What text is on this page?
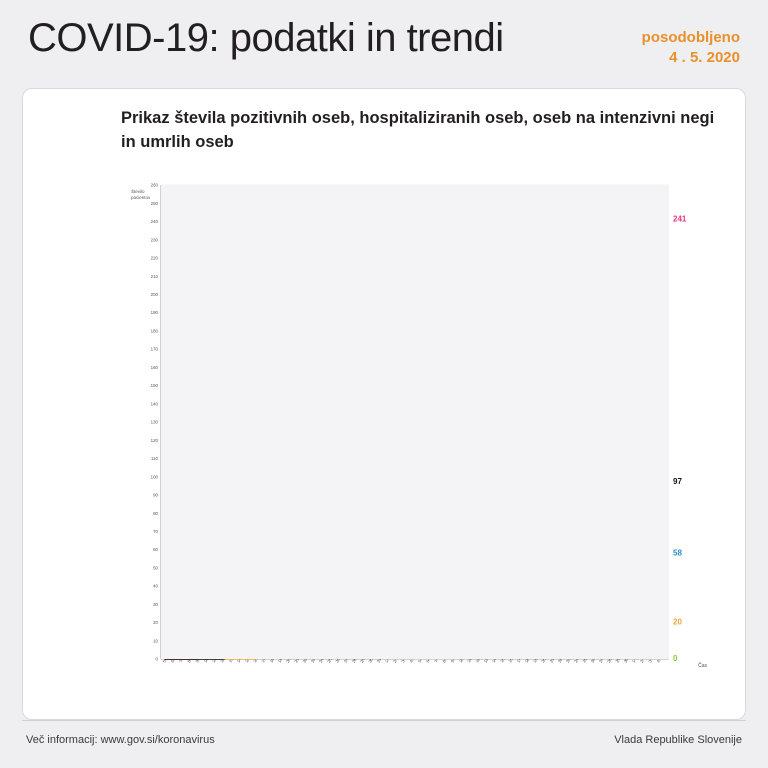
COVID-19: podatki in trendi	posodobljeno
4 . 5. 2020
Prikaz števila pozitivnih oseb, hospitaliziranih oseb, oseb na intenzivni negi in umrlih oseb
Število pacientov
Čas
0
10
20
30
40
50
60
70
80
90
100
110
120
130
140
150
160
170
180
190
200
210
220
230
240
250
260
0
58
20
241
97
Več informacij: www.gov.si/koronavirus	Vlada Republike Slovenije
